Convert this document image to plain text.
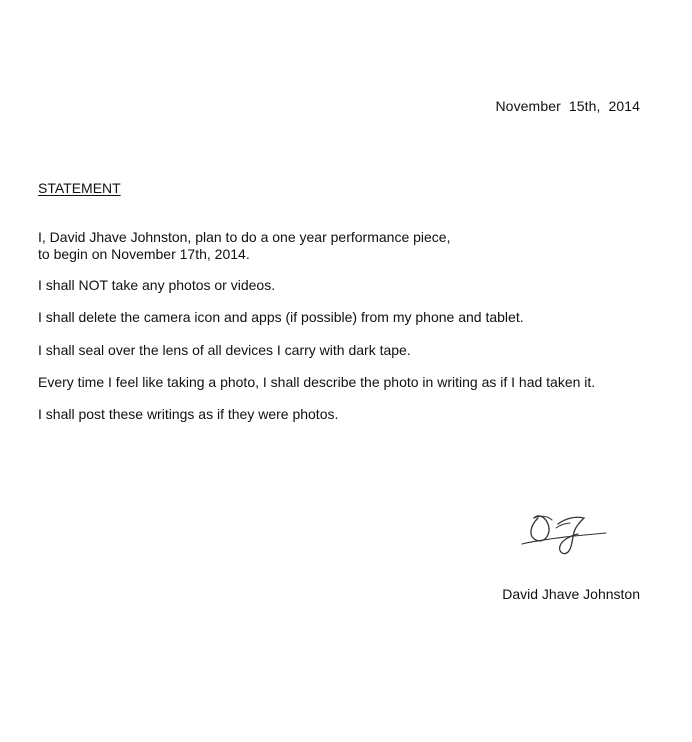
November  15th,  2014
STATEMENT
I, David Jhave Johnston, plan to do a one year performance piece,
to begin on November 17th, 2014.
I shall NOT take any photos or videos.
I shall delete the camera icon and apps (if possible) from my phone and tablet.
I shall seal over the lens of all devices I carry with dark tape.
Every time I feel like taking a photo, I shall describe the photo in writing as if I had taken it.
I shall post these writings as if they were photos.
David Jhave Johnston
